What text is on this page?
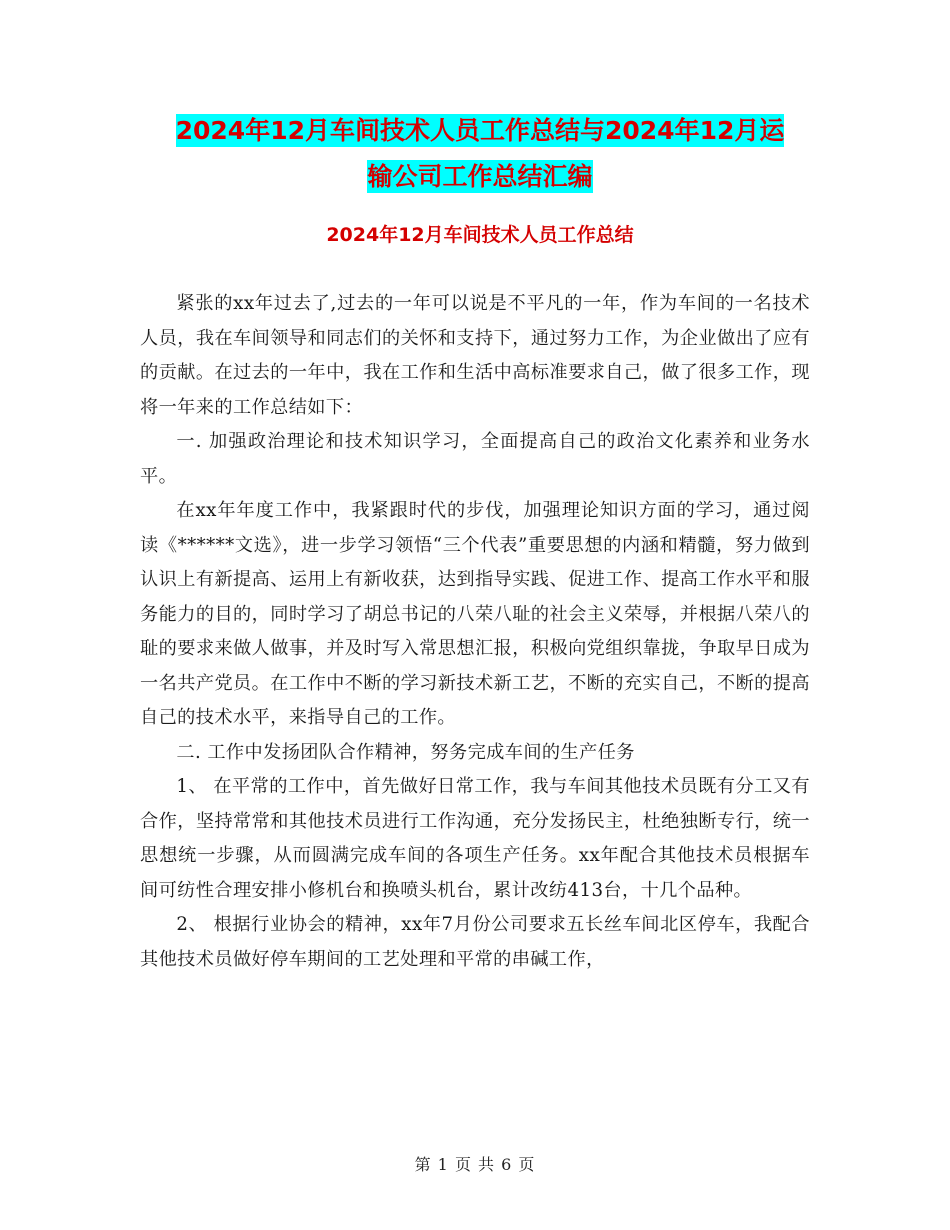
2024年12月车间技术人员工作总结与2024年12月运
输公司工作总结汇编
2024年12月车间技术人员工作总结

紧张的xx年过去了,过去的一年可以说是不平凡的一年，作为车间的一名技术人员，我在车间领导和同志们的关怀和支持下，通过努力工作，为企业做出了应有的贡献。在过去的一年中，我在工作和生活中高标准要求自己，做了很多工作，现将一年来的工作总结如下：

一. 加强政治理论和技术知识学习，全面提高自己的政治文化素养和业务水平。

在xx年年度工作中，我紧跟时代的步伐，加强理论知识方面的学习，通过阅读《******文选》，进一步学习领悟“三个代表”重要思想的内涵和精髓，努力做到认识上有新提高、运用上有新收获，达到指导实践、促进工作、提高工作水平和服务能力的目的，同时学习了胡总书记的八荣八耻的社会主义荣辱，并根据八荣八的耻的要求来做人做事，并及时写入常思想汇报，积极向党组织靠拢，争取早日成为一名共产党员。在工作中不断的学习新技术新工艺，不断的充实自己，不断的提高自己的技术水平，来指导自己的工作。

二. 工作中发扬团队合作精神，努务完成车间的生产任务

1、 在平常的工作中，首先做好日常工作，我与车间其他技术员既有分工又有合作，坚持常常和其他技术员进行工作沟通，充分发扬民主，杜绝独断专行，统一思想统一步骤，从而圆满完成车间的各项生产任务。xx年配合其他技术员根据车间可纺性合理安排小修机台和换喷头机台，累计改纺413台，十几个品种。

2、 根据行业协会的精神，xx年7月份公司要求五长丝车间北区停车，我配合其他技术员做好停车期间的工艺处理和平常的串碱工作，

第 1 页 共 6 页
